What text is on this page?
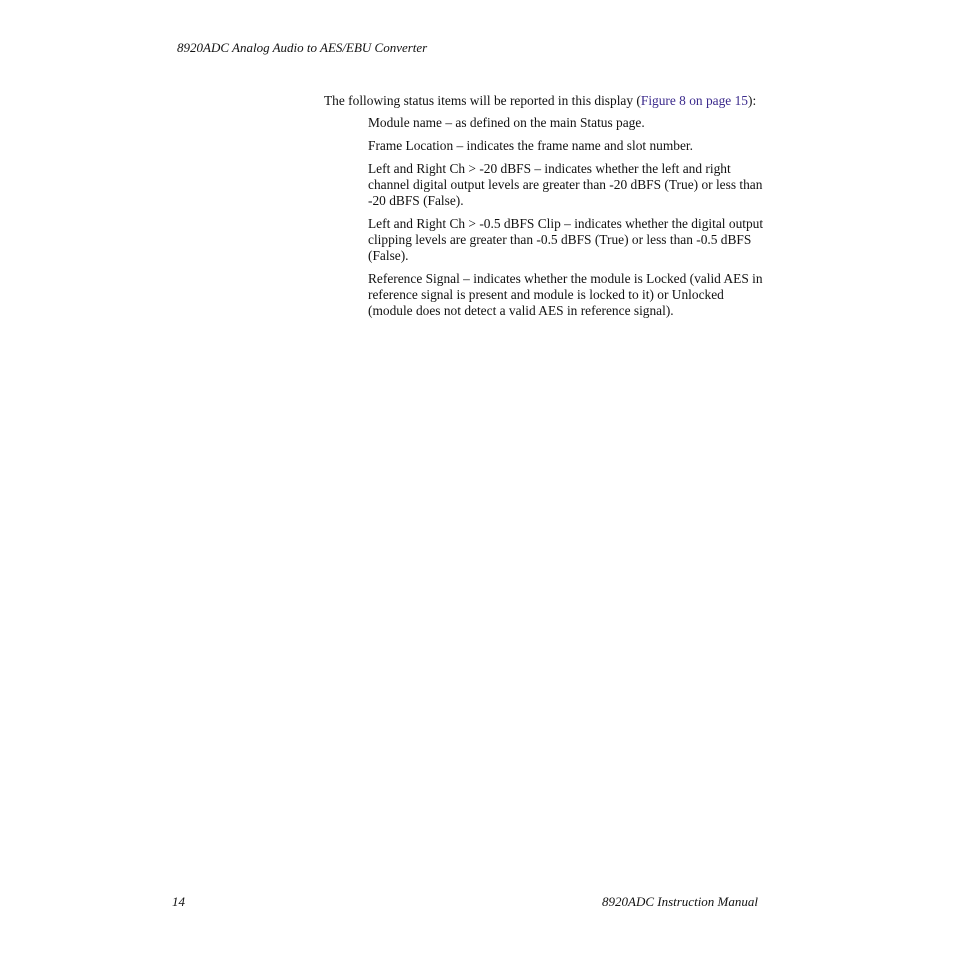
8920ADC Analog Audio to AES/EBU Converter

The following status items will be reported in this display (Figure 8 on page 15):

Module name – as defined on the main Status page.
Frame Location – indicates the frame name and slot number.
Left and Right Ch > -20 dBFS – indicates whether the left and right channel digital output levels are greater than -20 dBFS (True) or less than -20 dBFS (False).
Left and Right Ch > -0.5 dBFS Clip – indicates whether the digital output clipping levels are greater than -0.5 dBFS (True) or less than -0.5 dBFS (False).
Reference Signal – indicates whether the module is Locked (valid AES in reference signal is present and module is locked to it) or Unlocked (module does not detect a valid AES in reference signal).
14	8920ADC Instruction Manual
